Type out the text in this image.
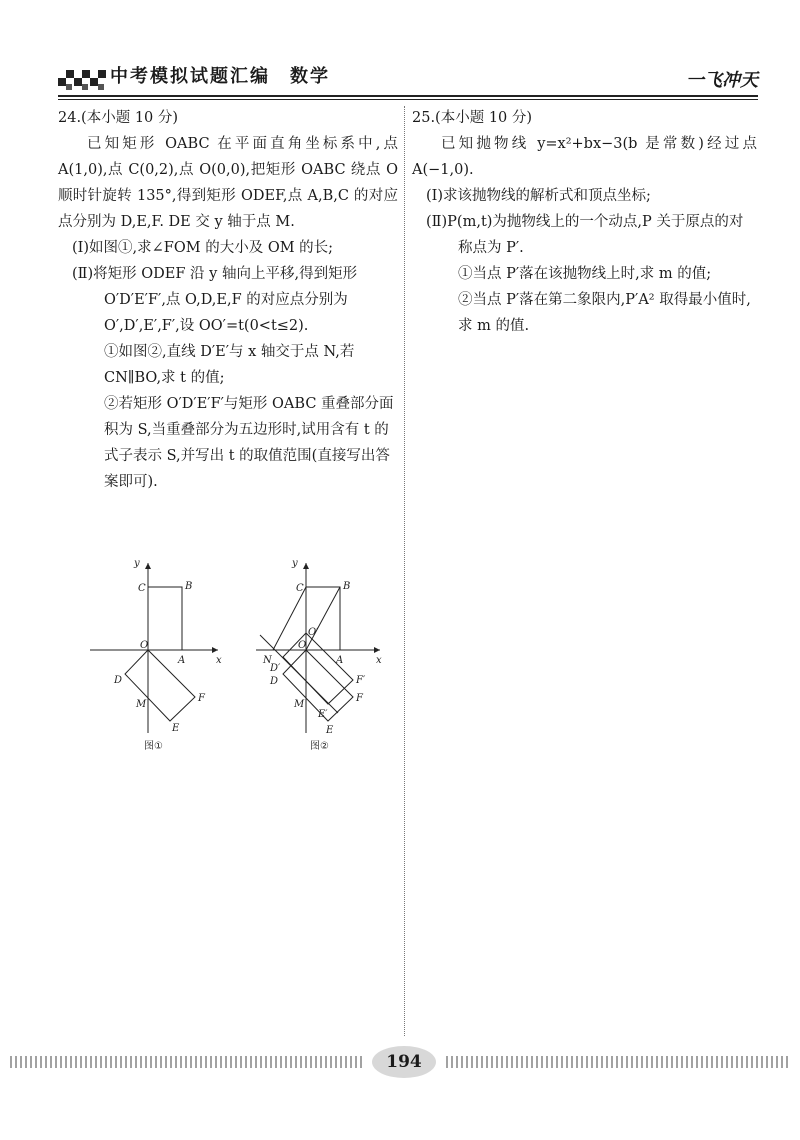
中考模拟试题汇编　数学	一飞冲天

24.(本小题 10 分)

已知矩形 OABC 在平面直角坐标系中,点 A(1,0),点 C(0,2),点 O(0,0),把矩形 OABC 绕点 O 顺时针旋转 135°,得到矩形 ODEF,点 A,B,C 的对应点分别为 D,E,F. DE 交 y 轴于点 M.

(Ⅰ)如图①,求∠FOM 的大小及 OM 的长;

(Ⅱ)将矩形 ODEF 沿 y 轴向上平移,得到矩形 O′D′E′F′,点 O,D,E,F 的对应点分别为 O′,D′,E′,F′,设 OO′=t(0<t≤2).

①如图②,直线 D′E′与 x 轴交于点 N,若 CN∥BO,求 t 的值;

②若矩形 O′D′E′F′与矩形 OABC 重叠部分面积为 S,当重叠部分为五边形时,试用含有 t 的式子表示 S,并写出 t 的取值范围(直接写出答案即可).

y
x
C	B
O
A
D
M
F
E
图①
y
x
C	B
O′
O
N	A
D′
D	F′
F
M
E′
E
图②

25.(本小题 10 分)

已知抛物线 y=x²+bx−3(b 是常数)经过点 A(−1,0).

(Ⅰ)求该抛物线的解析式和顶点坐标;

(Ⅱ)P(m,t)为抛物线上的一个动点,P 关于原点的对称点为 P′.

①当点 P′落在该抛物线上时,求 m 的值;

②当点 P′落在第二象限内,P′A² 取得最小值时,求 m 的值.

194
